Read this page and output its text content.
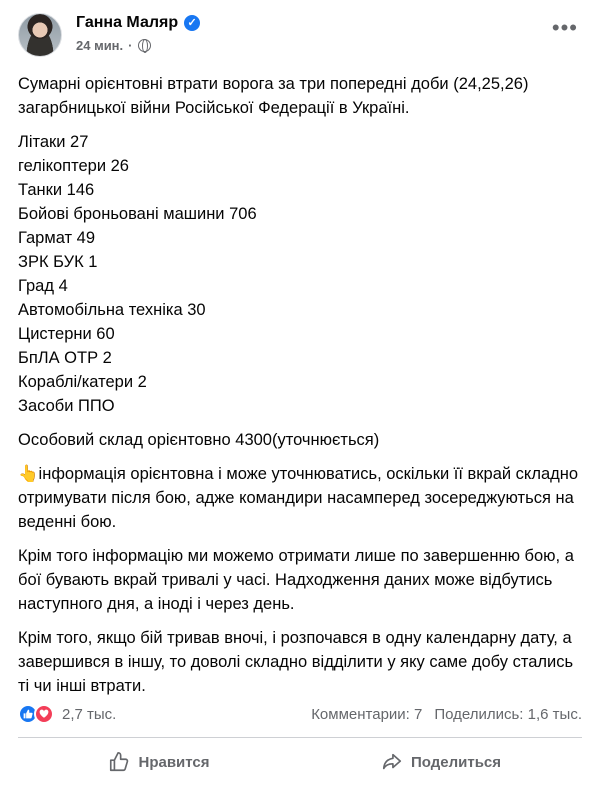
Ганна Маляр ✓
24 мин. ·
•••

Сумарні орієнтовні втрати ворога за три попередні доби (24,25,26) загарбницької війни Російської Федерації в Україні.

Літаки 27
гелікоптери 26
Танки 146
Бойові броньовані машини 706
Гармат 49
ЗРК БУК 1
Град 4
Автомобільна техніка 30
Цистерни 60
БпЛА ОТР 2
Кораблі/катери 2
Засоби ППО

Особовий склад орієнтовно 4300(уточнюється)

👆інформація орієнтовна і може уточнюватись, оскільки її вкрай складно отримувати після бою, адже командири насамперед зосереджуються на веденні бою.

Крім того інформацію ми можемо отримати лише по завершенню бою, а бої бувають вкрай тривалі у часі. Надходження даних може відбутись наступного дня, а іноді і через день.

Крім того, якщо бій тривав вночі, і розпочався в одну календарну дату, а завершився в іншу, то доволі складно відділити у яку саме добу сталиcь ті чи інші втрати.

2,7 тыс.	Комментарии: 7 Поделились: 1,6 тыс.
Нравится	Поделиться
